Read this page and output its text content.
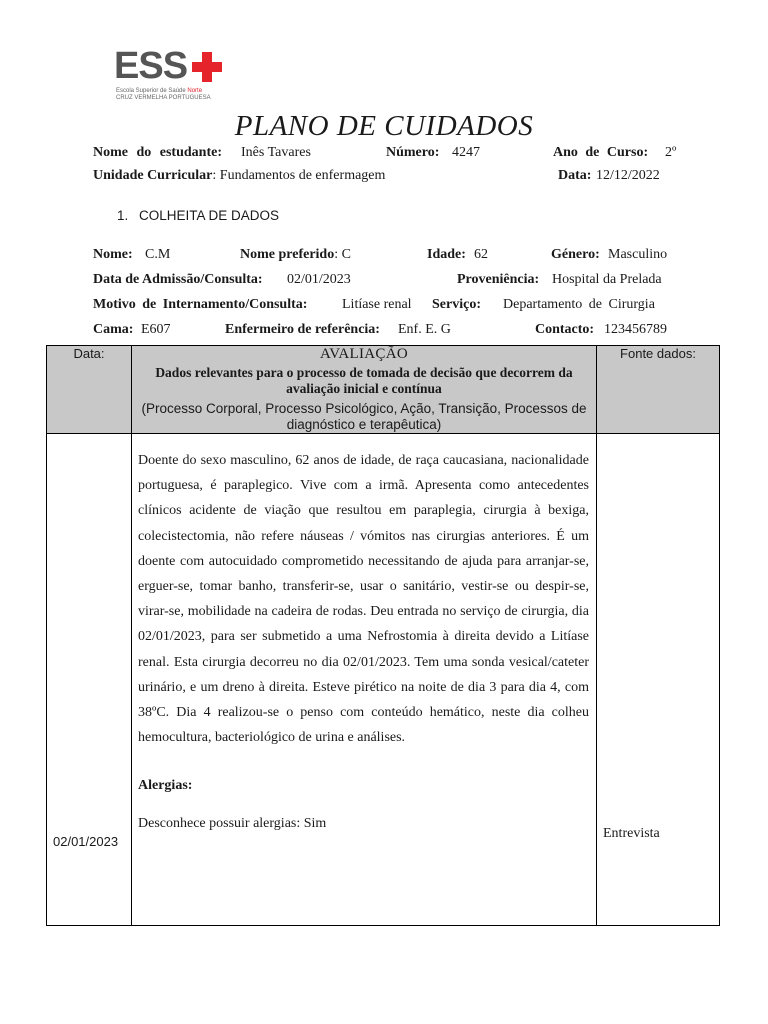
ESS
Escola Superior de Saúde Norte
CRUZ VERMELHA PORTUGUESA
PLANO DE CUIDADOS
Nome do estudante: Inês Tavares	Número: 4247	Ano de Curso: 2º
Unidade Curricular: Fundamentos de enfermagem	Data: 12/12/2022
1. COLHEITA DE DADOS
Nome: C.M	Nome preferido: C	Idade: 62	Género: Masculino
Data de Admissão/Consulta: 02/01/2023	Proveniência: Hospital da Prelada
Motivo de Internamento/Consulta: Litíase renal Serviço: Departamento de Cirurgia
Cama: E607	Enfermeiro de referência: Enf. E. G	Contacto: 123456789
Data:	AVALIAÇÃO
Dados relevantes para o processo de tomada de decisão que decorrem da avaliação inicial e contínua
(Processo Corporal, Processo Psicológico, Ação, Transição, Processos de diagnóstico e terapêutica)	Fonte dados:

02/01/2023	Doente do sexo masculino, 62 anos de idade, de raça caucasiana, nacionalidade portuguesa, é paraplegico. Vive com a irmã. Apresenta como antecedentes clínicos acidente de viação que resultou em paraplegia, cirurgia à bexiga, colecistectomia, não refere náuseas / vómitos nas cirurgias anteriores. É um doente com autocuidado comprometido necessitando de ajuda para arranjar-se, erguer-se, tomar banho, transferir-se, usar o sanitário, vestir-se ou despir-se, virar-se, mobilidade na cadeira de rodas. Deu entrada no serviço de cirurgia, dia 02/01/2023, para ser submetido a uma Nefrostomia à direita devido a Litíase renal. Esta cirurgia decorreu no dia 02/01/2023. Tem uma sonda vesical/cateter urinário, e um dreno à direita. Esteve pirético na noite de dia 3 para dia 4, com 38ºC. Dia 4 realizou-se o penso com conteúdo hemático, neste dia colheu hemocultura, bacteriológico de urina e análises.
Alergias:
Desconhece possuir alergias: Sim	Entrevista
